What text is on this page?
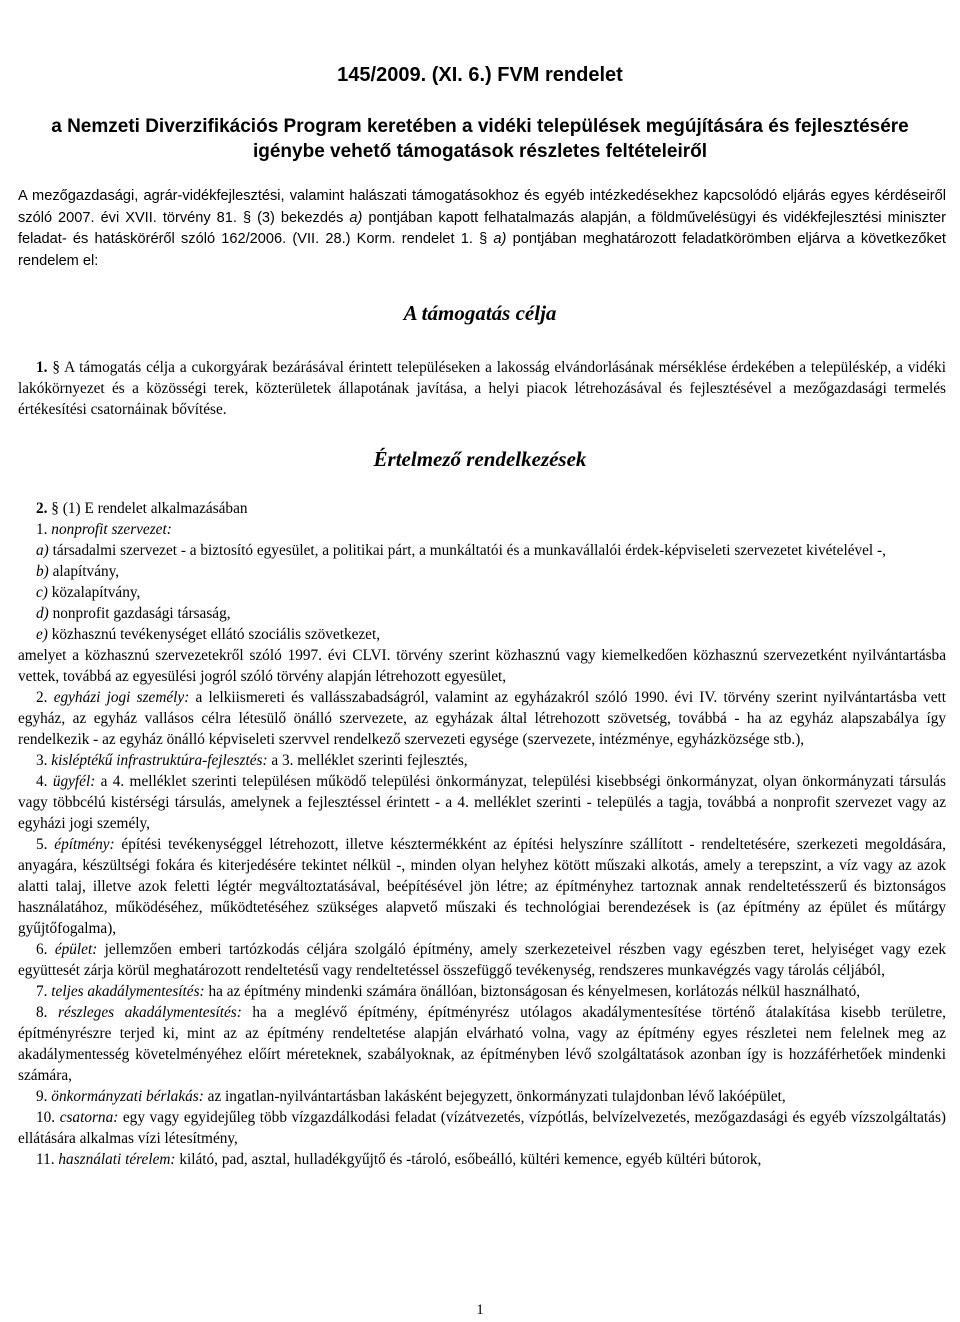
145/2009. (XI. 6.) FVM rendelet
a Nemzeti Diverzifikációs Program keretében a vidéki települések megújítására és fejlesztésére
igénybe vehető támogatások részletes feltételeiről

A mezőgazdasági, agrár-vidékfejlesztési, valamint halászati támogatásokhoz és egyéb intézkedésekhez kapcsolódó eljárás egyes kérdéseiről szóló 2007. évi XVII. törvény 81. § (3) bekezdés a) pontjában kapott felhatalmazás alapján, a földművelésügyi és vidékfejlesztési miniszter feladat- és hatásköréről szóló 162/2006. (VII. 28.) Korm. rendelet 1. § a) pontjában meghatározott feladatkörömben eljárva a következőket rendelem el:

A támogatás célja

1. § A támogatás célja a cukorgyárak bezárásával érintett településeken a lakosság elvándorlásának mérséklése érdekében a településkép, a vidéki lakókörnyezet és a közösségi terek, közterületek állapotának javítása, a helyi piacok létrehozásával és fejlesztésével a mezőgazdasági termelés értékesítési csatornáinak bővítése.

Értelmező rendelkezések

2. § (1) E rendelet alkalmazásában

1. nonprofit szervezet:

a) társadalmi szervezet - a biztosító egyesület, a politikai párt, a munkáltatói és a munkavállalói érdek-képviseleti szervezetet kivételével -,

b) alapítvány,

c) közalapítvány,

d) nonprofit gazdasági társaság,

e) közhasznú tevékenységet ellátó szociális szövetkezet,

amelyet a közhasznú szervezetekről szóló 1997. évi CLVI. törvény szerint közhasznú vagy kiemelkedően közhasznú szervezetként nyilvántartásba vettek, továbbá az egyesülési jogról szóló törvény alapján létrehozott egyesület,

2. egyházi jogi személy: a lelkiismereti és vallásszabadságról, valamint az egyházakról szóló 1990. évi IV. törvény szerint nyilvántartásba vett egyház, az egyház vallásos célra létesülő önálló szervezete, az egyházak által létrehozott szövetség, továbbá - ha az egyház alapszabálya így rendelkezik - az egyház önálló képviseleti szervvel rendelkező szervezeti egysége (szervezete, intézménye, egyházközsége stb.),

3. kisléptékű infrastruktúra-fejlesztés: a 3. melléklet szerinti fejlesztés,

4. ügyfél: a 4. melléklet szerinti településen működő települési önkormányzat, települési kisebbségi önkormányzat, olyan önkormányzati társulás vagy többcélú kistérségi társulás, amelynek a fejlesztéssel érintett - a 4. melléklet szerinti - település a tagja, továbbá a nonprofit szervezet vagy az egyházi jogi személy,

5. építmény: építési tevékenységgel létrehozott, illetve késztermékként az építési helyszínre szállított - rendeltetésére, szerkezeti megoldására, anyagára, készültségi fokára és kiterjedésére tekintet nélkül -, minden olyan helyhez kötött műszaki alkotás, amely a terepszint, a víz vagy az azok alatti talaj, illetve azok feletti légtér megváltoztatásával, beépítésével jön létre; az építményhez tartoznak annak rendeltetésszerű és biztonságos használatához, működéséhez, működtetéséhez szükséges alapvető műszaki és technológiai berendezések is (az építmény az épület és műtárgy gyűjtőfogalma),

6. épület: jellemzően emberi tartózkodás céljára szolgáló építmény, amely szerkezeteivel részben vagy egészben teret, helyiséget vagy ezek együttesét zárja körül meghatározott rendeltetésű vagy rendeltetéssel összefüggő tevékenység, rendszeres munkavégzés vagy tárolás céljából,

7. teljes akadálymentesítés: ha az építmény mindenki számára önállóan, biztonságosan és kényelmesen, korlátozás nélkül használható,

8. részleges akadálymentesítés: ha a meglévő építmény, építményrész utólagos akadálymentesítése történő átalakítása kisebb területre, építményrészre terjed ki, mint az az építmény rendeltetése alapján elvárható volna, vagy az építmény egyes részletei nem felelnek meg az akadálymentesség követelményéhez előírt méreteknek, szabályoknak, az építményben lévő szolgáltatások azonban így is hozzáférhetőek mindenki számára,

9. önkormányzati bérlakás: az ingatlan-nyilvántartásban lakásként bejegyzett, önkormányzati tulajdonban lévő lakóépület,

10. csatorna: egy vagy egyidejűleg több vízgazdálkodási feladat (vízátvezetés, vízpótlás, belvízelvezetés, mezőgazdasági és egyéb vízszolgáltatás) ellátására alkalmas vízi létesítmény,

11. használati térelem: kilátó, pad, asztal, hulladékgyűjtő és -tároló, esőbeálló, kültéri kemence, egyéb kültéri bútorok,

1
